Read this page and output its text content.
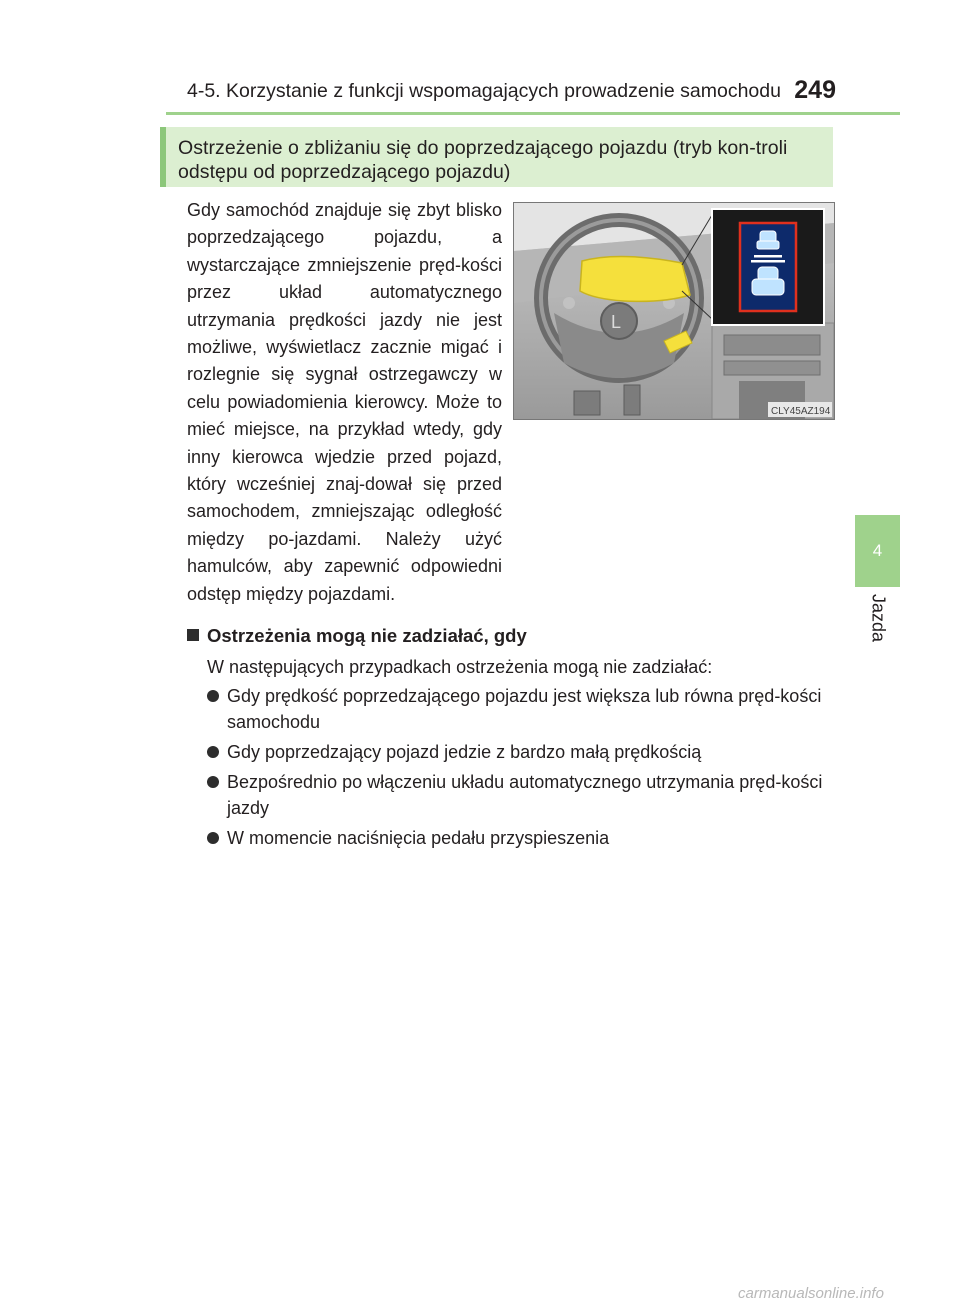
4-5. Korzystanie z funkcji wspomagających prowadzenie samochodu 249
4
Jazda
Ostrzeżenie o zbliżaniu się do poprzedzającego pojazdu (tryb kon-troli odstępu od poprzedzającego pojazdu)
Gdy samochód znajduje się zbyt blisko poprzedzającego pojazdu, a wystarczające zmniejszenie pręd-kości przez układ automatycznego utrzymania prędkości jazdy nie jest możliwe, wyświetlacz zacznie migać i rozlegnie się sygnał ostrzegawczy w celu powiadomienia kierowcy. Może to mieć miejsce, na przykład wtedy, gdy inny kierowca wjedzie przed pojazd, który wcześniej znaj-dował się przed samochodem, zmniejszając odległość między po-jazdami. Należy użyć hamulców, aby zapewnić odpowiedni odstęp między pojazdami.
L
CLY45AZ194
Ostrzeżenia mogą nie zadziałać, gdy
W następujących przypadkach ostrzeżenia mogą nie zadziałać:
Gdy prędkość poprzedzającego pojazdu jest większa lub równa pręd-kości samochodu
Gdy poprzedzający pojazd jedzie z bardzo małą prędkością
Bezpośrednio po włączeniu układu automatycznego utrzymania pręd-kości jazdy
W momencie naciśnięcia pedału przyspieszenia
carmanualsonline.info
